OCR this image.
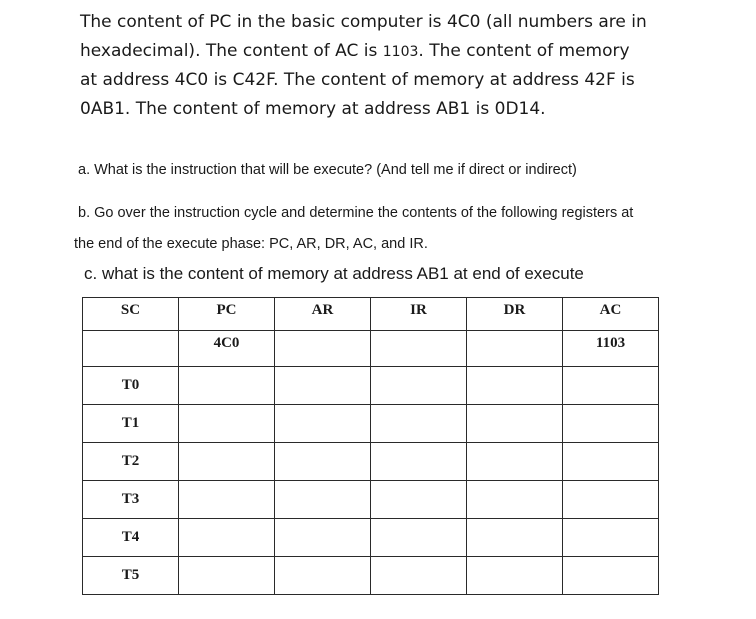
The content of PC in the basic computer is 4C0 (all numbers are in

hexadecimal). The content of AC is 1103. The content of memory

at address 4C0 is C42F. The content of memory at address 42F is

0AB1. The content of memory at address AB1 is 0D14.

a. What is the instruction that will be execute? (And tell me if direct or indirect)
b. Go over the instruction cycle and determine the contents of the following registers at
the end of the execute phase: PC, AR, DR, AC, and IR.
c. what is the content of memory at address AB1 at end of execute
SC	PC	AR	IR	DR	AC
	4C0				1103
T0					
T1					
T2					
T3					
T4					
T5					
